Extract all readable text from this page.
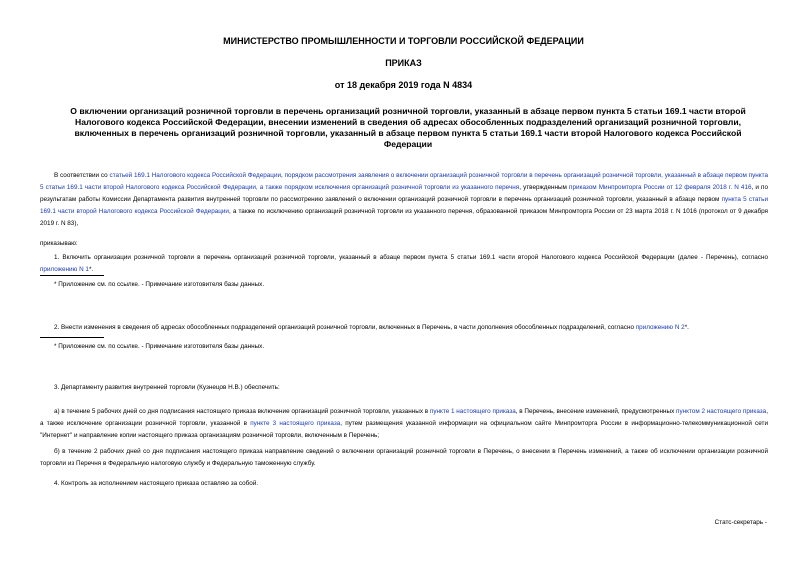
МИНИСТЕРСТВО ПРОМЫШЛЕННОСТИ И ТОРГОВЛИ РОССИЙСКОЙ ФЕДЕРАЦИИ
ПРИКАЗ
от 18 декабря 2019 года N 4834
О включении организаций розничной торговли в перечень организаций розничной торговли, указанный в абзаце первом пункта 5 статьи 169.1 части второй Налогового кодекса Российской Федерации, внесении изменений в сведения об адресах обособленных подразделений организаций розничной торговли, включенных в перечень организаций розничной торговли, указанный в абзаце первом пункта 5 статьи 169.1 части второй Налогового кодекса Российской Федерации
В соответствии со статьей 169.1 Налогового кодекса Российской Федерации, порядком рассмотрения заявления о включении организаций розничной торговли в перечень организаций розничной торговли, указанный в абзаце первом пункта 5 статьи 169.1 части второй Налогового кодекса Российской Федерации, а также порядком исключения организаций розничной торговли из указанного перечня, утвержденным приказом Минпромторга России от 12 февраля 2018 г. N 416, и по результатам работы Комиссии Департамента развития внутренней торговли по рассмотрению заявлений о включении организаций розничной торговли в перечень организаций розничной торговли, указанный в абзаце первом пункта 5 статьи 169.1 части второй Налогового кодекса Российской Федерации, а также по исключению организаций розничной торговли из указанного перечня, образованной приказом Минпромторга России от 23 марта 2018 г. N 1016 (протокол от 9 декабря 2019 г. N 83),
приказываю:
1. Включить организации розничной торговли в перечень организаций розничной торговли, указанный в абзаце первом пункта 5 статьи 169.1 части второй Налогового кодекса Российской Федерации (далее - Перечень), согласно приложению N 1*.
* Приложение см. по ссылке. - Примечание изготовителя базы данных.
2. Внести изменения в сведения об адресах обособленных подразделений организаций розничной торговли, включенных в Перечень, в части дополнения обособленных подразделений, согласно приложению N 2*.
* Приложение см. по ссылке. - Примечание изготовителя базы данных.
3. Департаменту развития внутренней торговли (Кузнецов Н.В.) обеспечить:
а) в течение 5 рабочих дней со дня подписания настоящего приказа включение организаций розничной торговли, указанных в пункте 1 настоящего приказа, в Перечень, внесение изменений, предусмотренных пунктом 2 настоящего приказа, а также исключение организации розничной торговли, указанной в пункте 3 настоящего приказа, путем размещения указанной информации на официальном сайте Минпромторга России в информационно-телекоммуникационной сети "Интернет" и направление копии настоящего приказа организациям розничной торговли, включенным в Перечень;
б) в течение 2 рабочих дней со дня подписания настоящего приказа направление сведений о включении организаций розничной торговли в Перечень, о внесении в Перечень изменений, а также об исключении организации розничной торговли из Перечня в Федеральную налоговую службу и Федеральную таможенную службу.
4. Контроль за исполнением настоящего приказа оставляю за собой.
Статс-секретарь -
